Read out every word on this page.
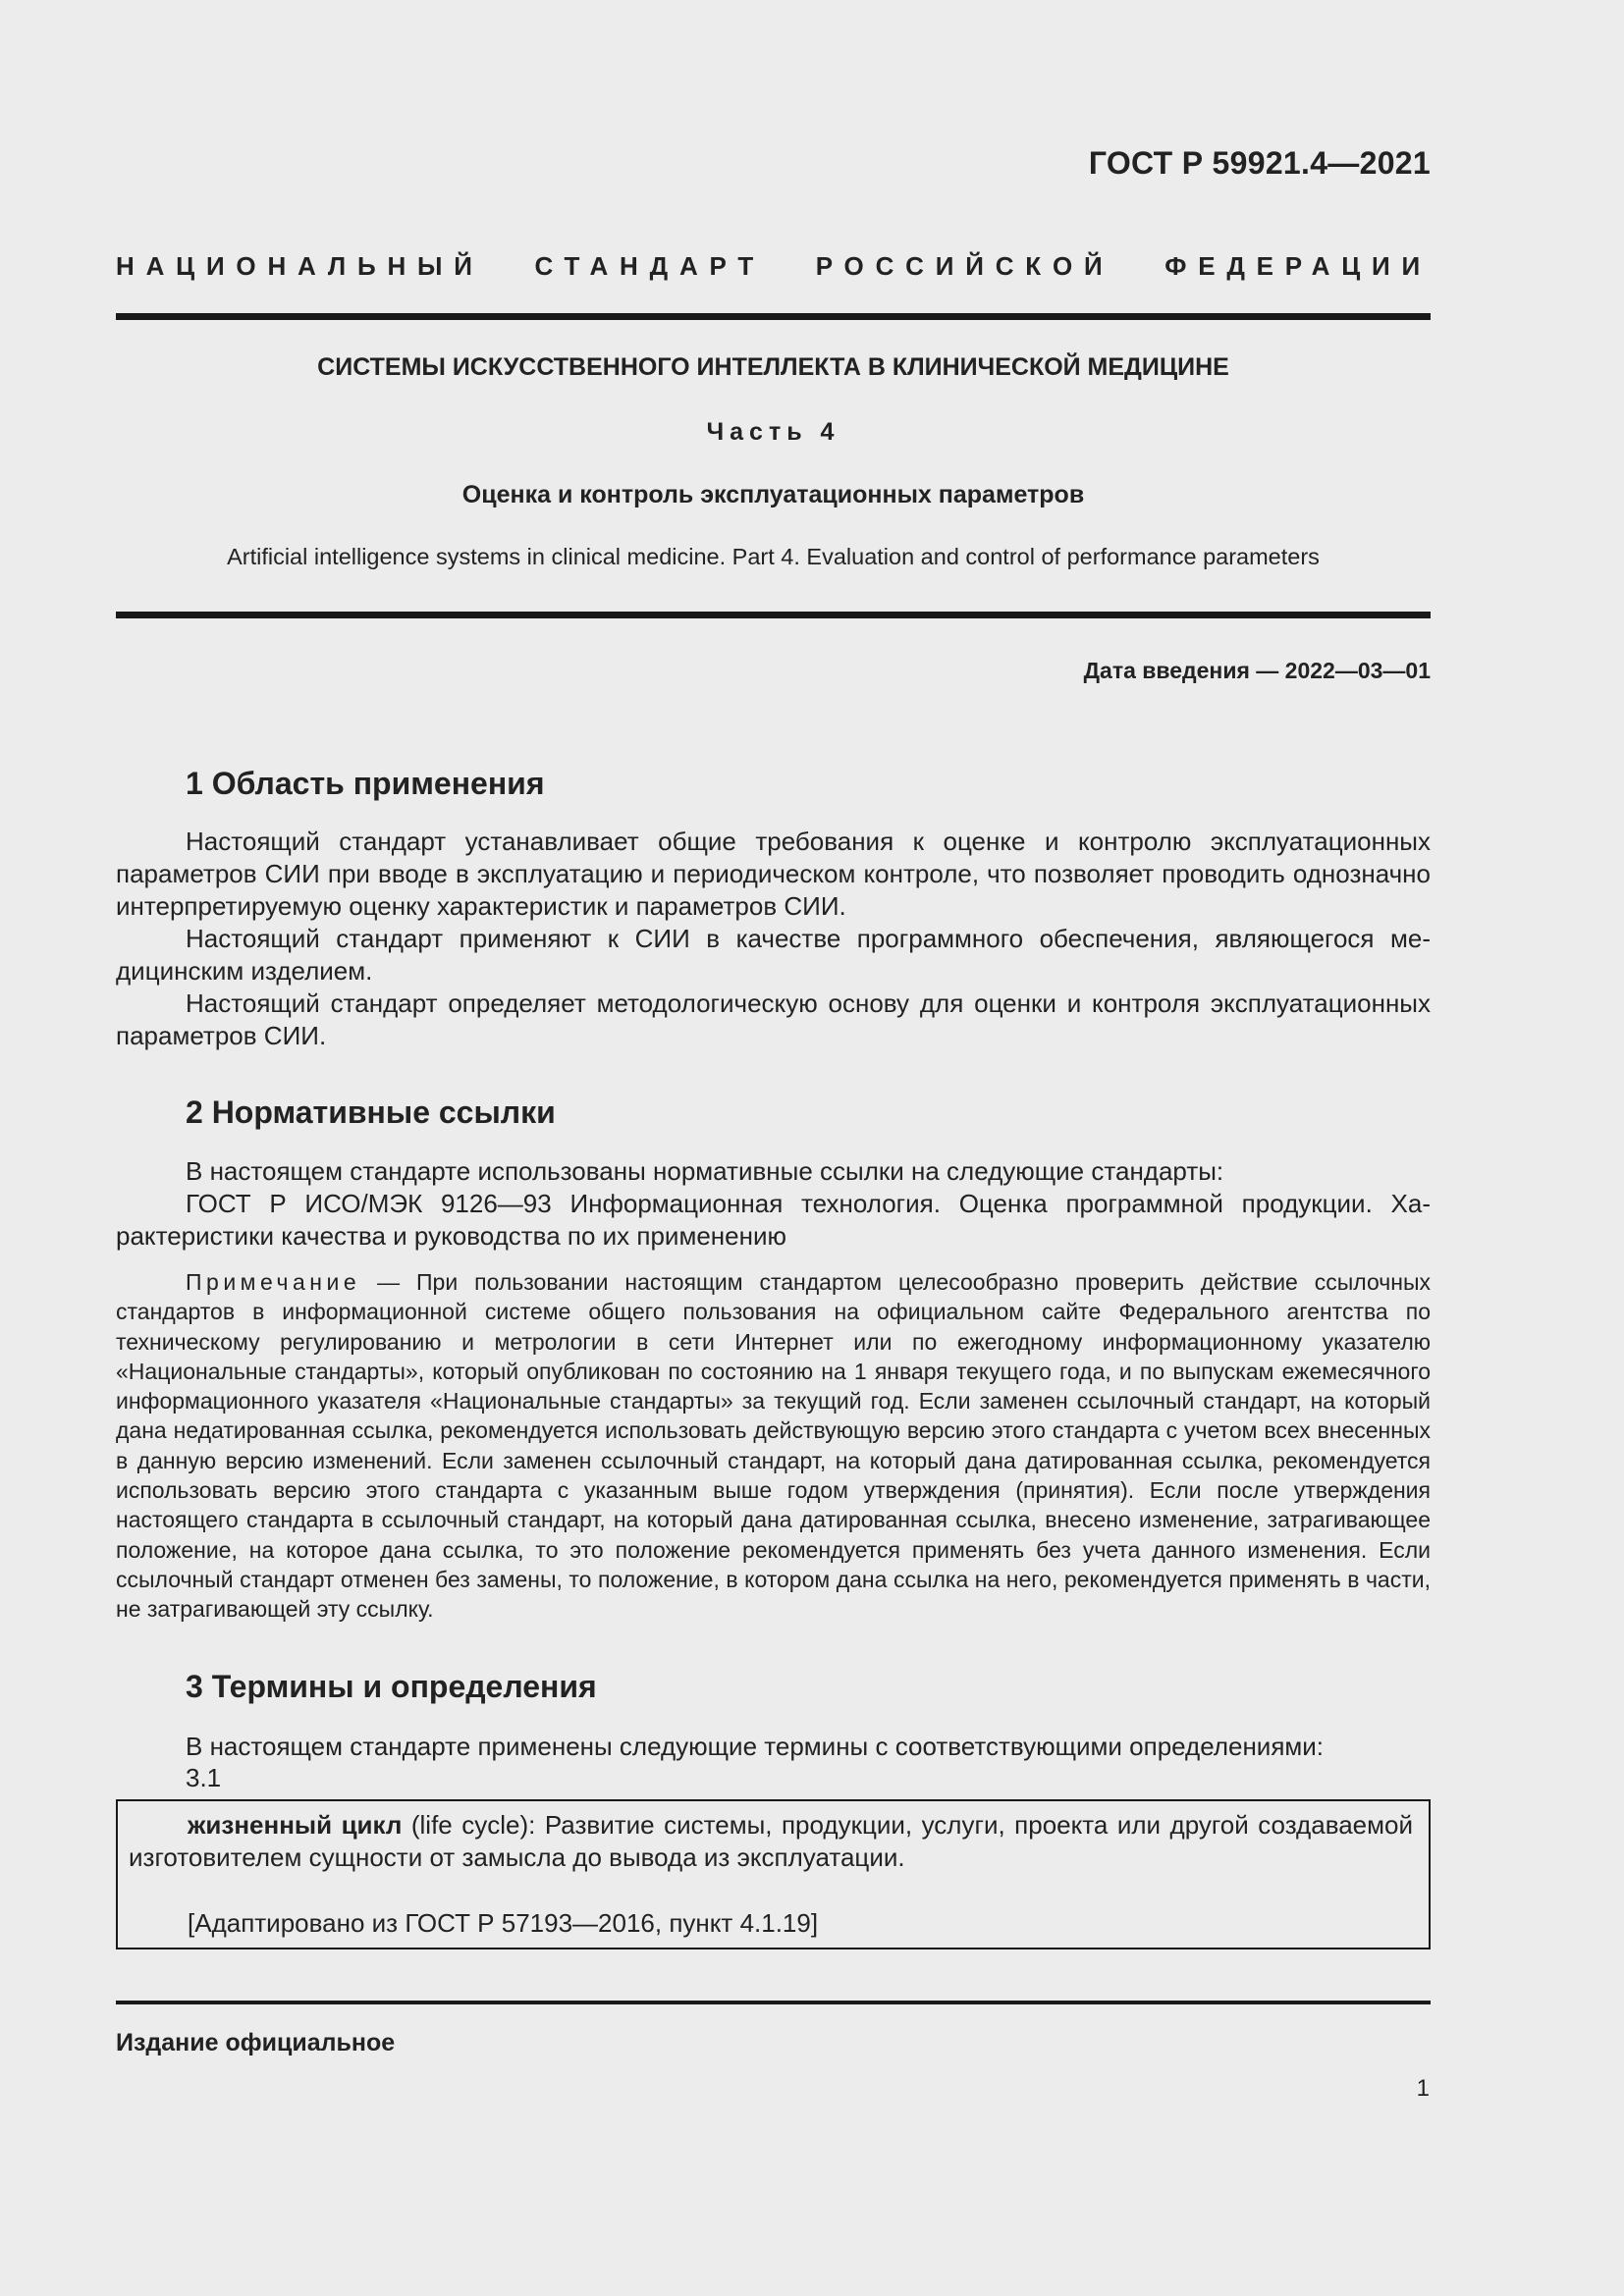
ГОСТ Р 59921.4—2021
НАЦИОНАЛЬНЫЙ СТАНДАРТ РОССИЙСКОЙ ФЕДЕРАЦИИ
СИСТЕМЫ ИСКУССТВЕННОГО ИНТЕЛЛЕКТА В КЛИНИЧЕСКОЙ МЕДИЦИНЕ
Часть 4
Оценка и контроль эксплуатационных параметров
Artificial intelligence systems in clinical medicine. Part 4. Evaluation and control of performance parameters
Дата введения — 2022—03—01
1 Область применения

Настоящий стандарт устанавливает общие требования к оценке и контролю эксплуатационных параметров СИИ при вводе в эксплуатацию и периодическом контроле, что позволяет проводить однозначно интерпретируемую оценку характеристик и параметров СИИ.

Настоящий стандарт применяют к СИИ в качестве программного обеспечения, являющегося медицинским изделием.

Настоящий стандарт определяет методологическую основу для оценки и контроля эксплуатационных параметров СИИ.

2 Нормативные ссылки

В настоящем стандарте использованы нормативные ссылки на следующие стандарты:

ГОСТ Р ИСО/МЭК 9126—93 Информационная технология. Оценка программной продукции. Характеристики качества и руководства по их применению

Примечание — При пользовании настоящим стандартом целесообразно проверить действие ссылочных стандартов в информационной системе общего пользования на официальном сайте Федерального агентства по техническому регулированию и метрологии в сети Интернет или по ежегодному информационному указателю «Национальные стандарты», который опубликован по состоянию на 1 января текущего года, и по выпускам ежемесячного информационного указателя «Национальные стандарты» за текущий год. Если заменен ссылочный стандарт, на который дана недатированная ссылка, рекомендуется использовать действующую версию этого стандарта с учетом всех внесенных в данную версию изменений. Если заменен ссылочный стандарт, на который дана датированная ссылка, рекомендуется использовать версию этого стандарта с указанным выше годом утверждения (принятия). Если после утверждения настоящего стандарта в ссылочный стандарт, на который дана датированная ссылка, внесено изменение, затрагивающее положение, на которое дана ссылка, то это положение рекомендуется применять без учета данного изменения. Если ссылочный стандарт отменен без замены, то положение, в котором дана ссылка на него, рекомендуется применять в части, не затрагивающей эту ссылку.

3 Термины и определения

В настоящем стандарте применены следующие термины с соответствующими определениями:

3.1

жизненный цикл (life cycle): Развитие системы, продукции, услуги, проекта или другой создаваемой изготовителем сущности от замысла до вывода из эксплуатации.

[Адаптировано из ГОСТ Р 57193—2016, пункт 4.1.19]
Издание официальное
1
